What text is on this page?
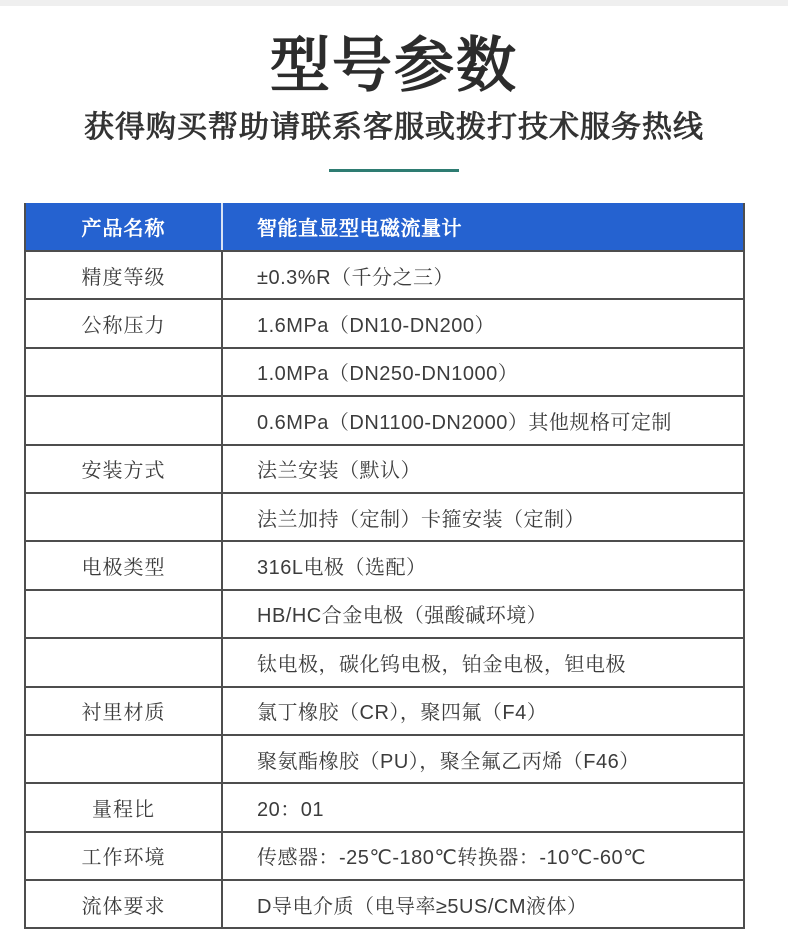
型号参数
获得购买帮助请联系客服或拨打技术服务热线
产品名称	智能直显型电磁流量计
精度等级	±0.3%R（千分之三）
公称压力	1.6MPa（DN10-DN200）
1.0MPa（DN250-DN1000）
0.6MPa（DN1100-DN2000）其他规格可定制
安装方式	法兰安装（默认）
法兰加持（定制）卡箍安装（定制）
电极类型	316L电极（选配）
HB/HC合金电极（强酸碱环境）
钛电极，碳化钨电极，铂金电极，钽电极
衬里材质	氯丁橡胶（CR），聚四氟（F4）
聚氨酯橡胶（PU），聚全氟乙丙烯（F46）
量程比	20：01
工作环境	传感器：-25℃-180℃转换器：-10℃-60℃
流体要求	D导电介质（电导率≥5US/CM液体）
